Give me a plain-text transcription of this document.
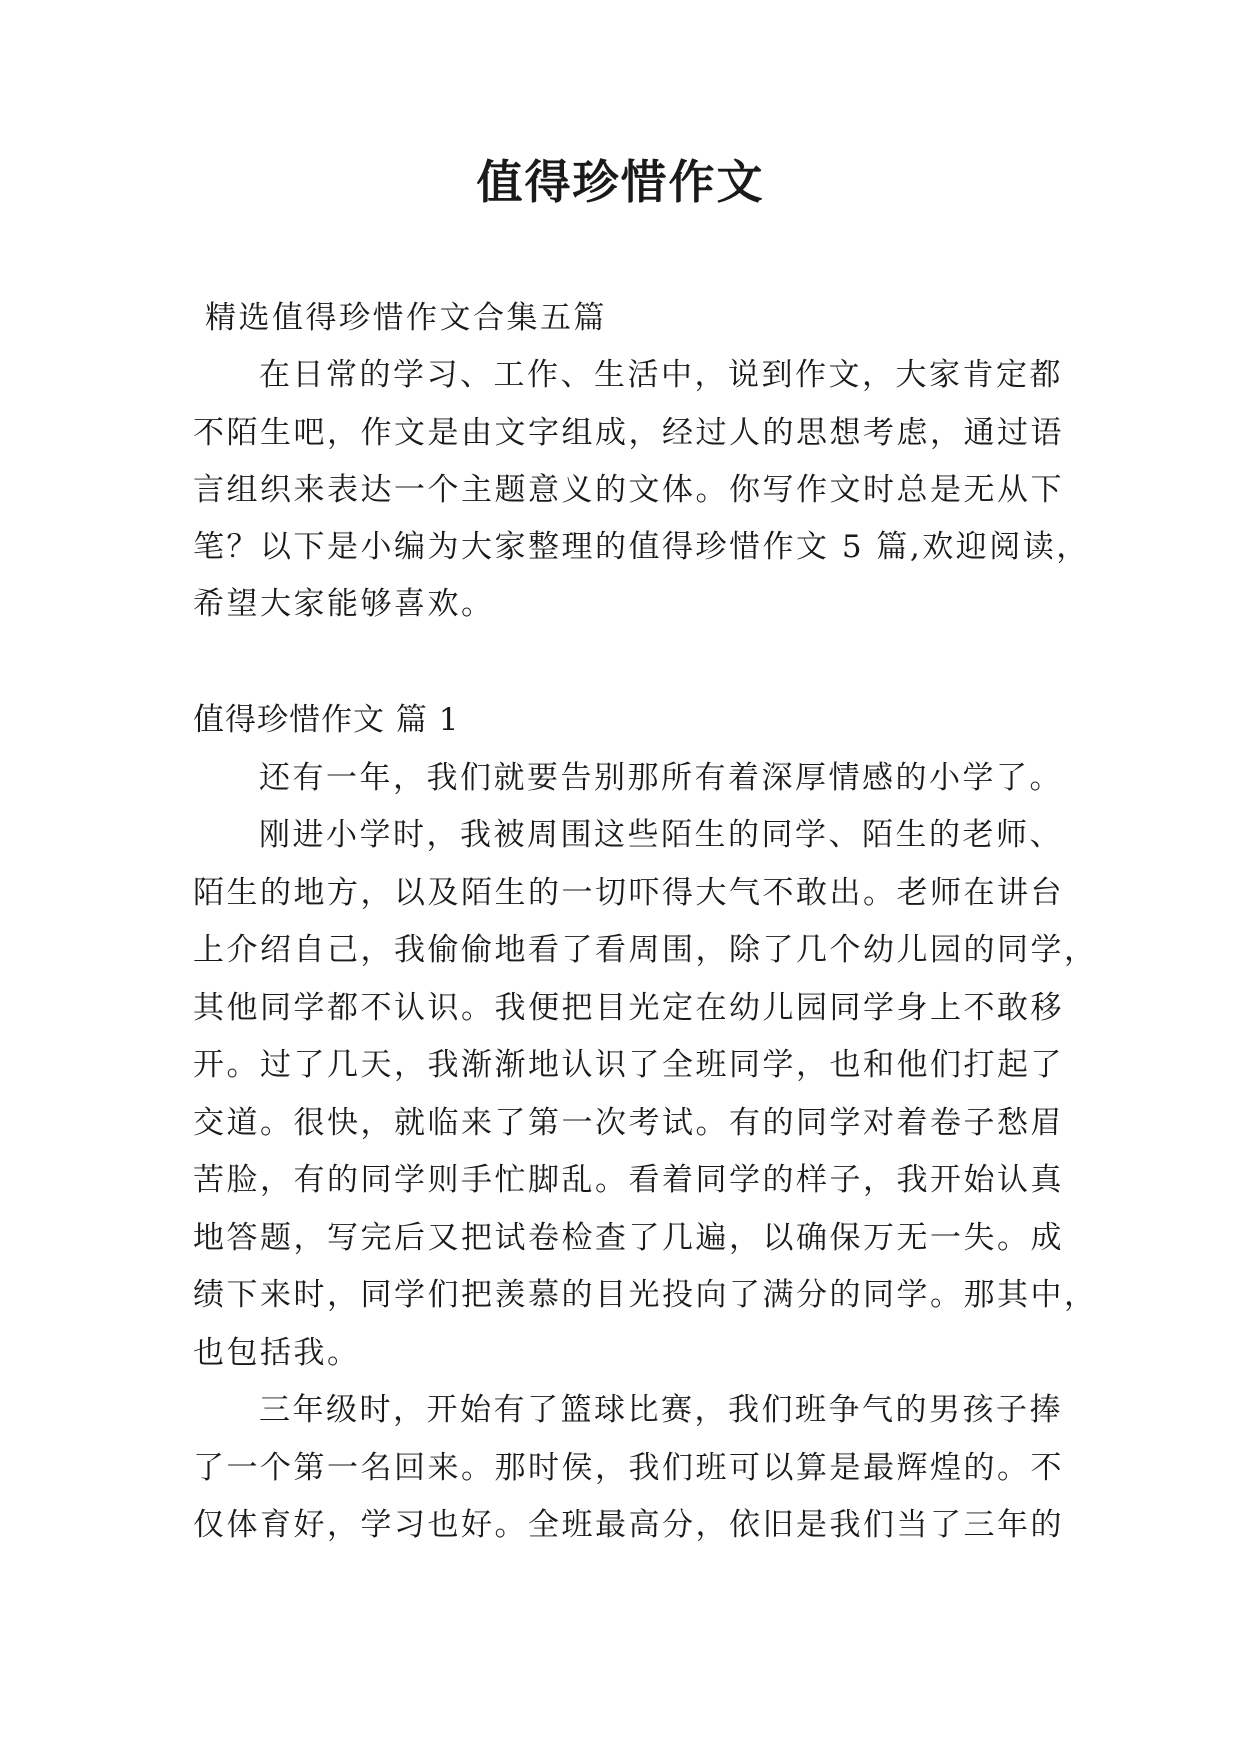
值得珍惜作文

精选值得珍惜作文合集五篇

在日常的学习、工作、生活中，说到作文，大家肯定都

不陌生吧，作文是由文字组成，经过人的思想考虑，通过语

言组织来表达一个主题意义的文体。你写作文时总是无从下

笔？以下是小编为大家整理的值得珍惜作文 5 篇,欢迎阅读，

希望大家能够喜欢。

值得珍惜作文 篇 1

还有一年，我们就要告别那所有着深厚情感的小学了。

刚进小学时，我被周围这些陌生的同学、陌生的老师、

陌生的地方，以及陌生的一切吓得大气不敢出。老师在讲台

上介绍自己，我偷偷地看了看周围，除了几个幼儿园的同学，

其他同学都不认识。我便把目光定在幼儿园同学身上不敢移

开。过了几天，我渐渐地认识了全班同学，也和他们打起了

交道。很快，就临来了第一次考试。有的同学对着卷子愁眉

苦脸，有的同学则手忙脚乱。看着同学的样子，我开始认真

地答题，写完后又把试卷检查了几遍，以确保万无一失。成

绩下来时，同学们把羡慕的目光投向了满分的同学。那其中，

也包括我。

三年级时，开始有了篮球比赛，我们班争气的男孩子捧

了一个第一名回来。那时侯，我们班可以算是最辉煌的。不

仅体育好，学习也好。全班最高分，依旧是我们当了三年的
